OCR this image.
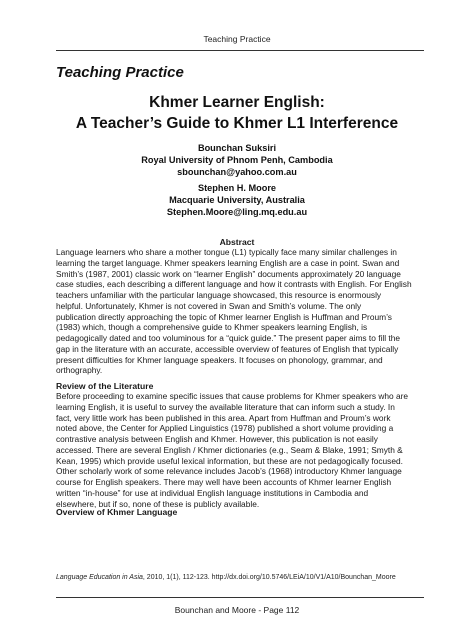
Teaching Practice
Teaching Practice
Khmer Learner English:
A Teacher’s Guide to Khmer L1 Interference
Bounchan Suksiri
Royal University of Phnom Penh, Cambodia
sbounchan@yahoo.com.au
Stephen H. Moore
Macquarie University, Australia
Stephen.Moore@ling.mq.edu.au
Abstract
Language learners who share a mother tongue (L1) typically face many similar challenges in
learning the target language. Khmer speakers learning English are a case in point. Swan and
Smith’s (1987, 2001) classic work on “learner English” documents approximately 20 language
case studies, each describing a different language and how it contrasts with English. For English
teachers unfamiliar with the particular language showcased, this resource is enormously
helpful. Unfortunately, Khmer is not covered in Swan and Smith’s volume. The only
publication directly approaching the topic of Khmer learner English is Huffman and Proum’s
(1983) which, though a comprehensive guide to Khmer speakers learning English, is
pedagogically dated and too voluminous for a “quick guide.” The present paper aims to fill the
gap in the literature with an accurate, accessible overview of features of English that typically
present difficulties for Khmer language speakers. It focuses on phonology, grammar, and
orthography.
Review of the Literature
Before proceeding to examine specific issues that cause problems for Khmer speakers who are
learning English, it is useful to survey the available literature that can inform such a study. In
fact, very little work has been published in this area. Apart from Huffman and Proum’s work
noted above, the Center for Applied Linguistics (1978) published a short volume providing a
contrastive analysis between English and Khmer. However, this publication is not easily
accessed. There are several English / Khmer dictionaries (e.g., Seam & Blake, 1991; Smyth &
Kean, 1995) which provide useful lexical information, but these are not pedagogically focused.
Other scholarly work of some relevance includes Jacob’s (1968) introductory Khmer language
course for English speakers. There may well have been accounts of Khmer learner English
written “in-house” for use at individual English language institutions in Cambodia and
elsewhere, but if so, none of these is publicly available.
Overview of Khmer Language
Language Education in Asia, 2010, 1(1), 112-123. http://dx.doi.org/10.5746/LEiA/10/V1/A10/Bounchan_Moore
Bounchan and Moore - Page 112
